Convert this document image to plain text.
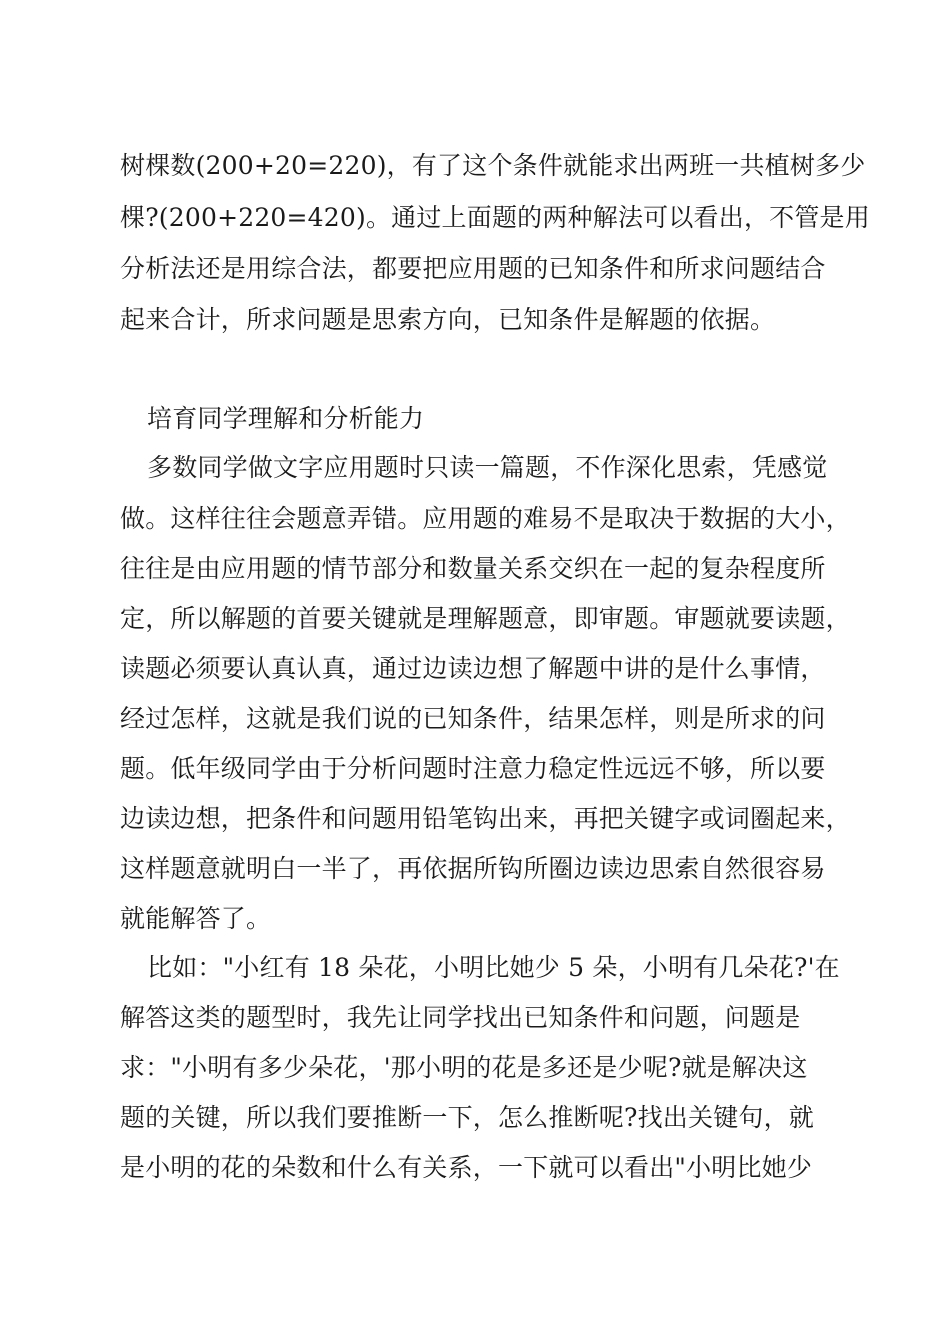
树棵数(200+20=220)，有了这个条件就能求出两班一共植树多少

棵?(200+220=420)。通过上面题的两种解法可以看出，不管是用

分析法还是用综合法，都要把应用题的已知条件和所求问题结合

起来合计，所求问题是思索方向，已知条件是解题的依据。

培育同学理解和分析能力

多数同学做文字应用题时只读一篇题，不作深化思索，凭感觉

做。这样往往会题意弄错。应用题的难易不是取决于数据的大小，

往往是由应用题的情节部分和数量关系交织在一起的复杂程度所

定，所以解题的首要关键就是理解题意，即审题。审题就要读题，

读题必须要认真认真，通过边读边想了解题中讲的是什么事情，

经过怎样，这就是我们说的已知条件，结果怎样，则是所求的问

题。低年级同学由于分析问题时注意力稳定性远远不够，所以要

边读边想，把条件和问题用铅笔钩出来，再把关键字或词圈起来，

这样题意就明白一半了，再依据所钩所圈边读边思索自然很容易

就能解答了。

比如："小红有 18 朵花，小明比她少 5 朵，小明有几朵花?'在

解答这类的题型时，我先让同学找出已知条件和问题，问题是

求："小明有多少朵花，'那小明的花是多还是少呢?就是解决这

题的关键，所以我们要推断一下，怎么推断呢?找出关键句，就

是小明的花的朵数和什么有关系，一下就可以看出"小明比她少
